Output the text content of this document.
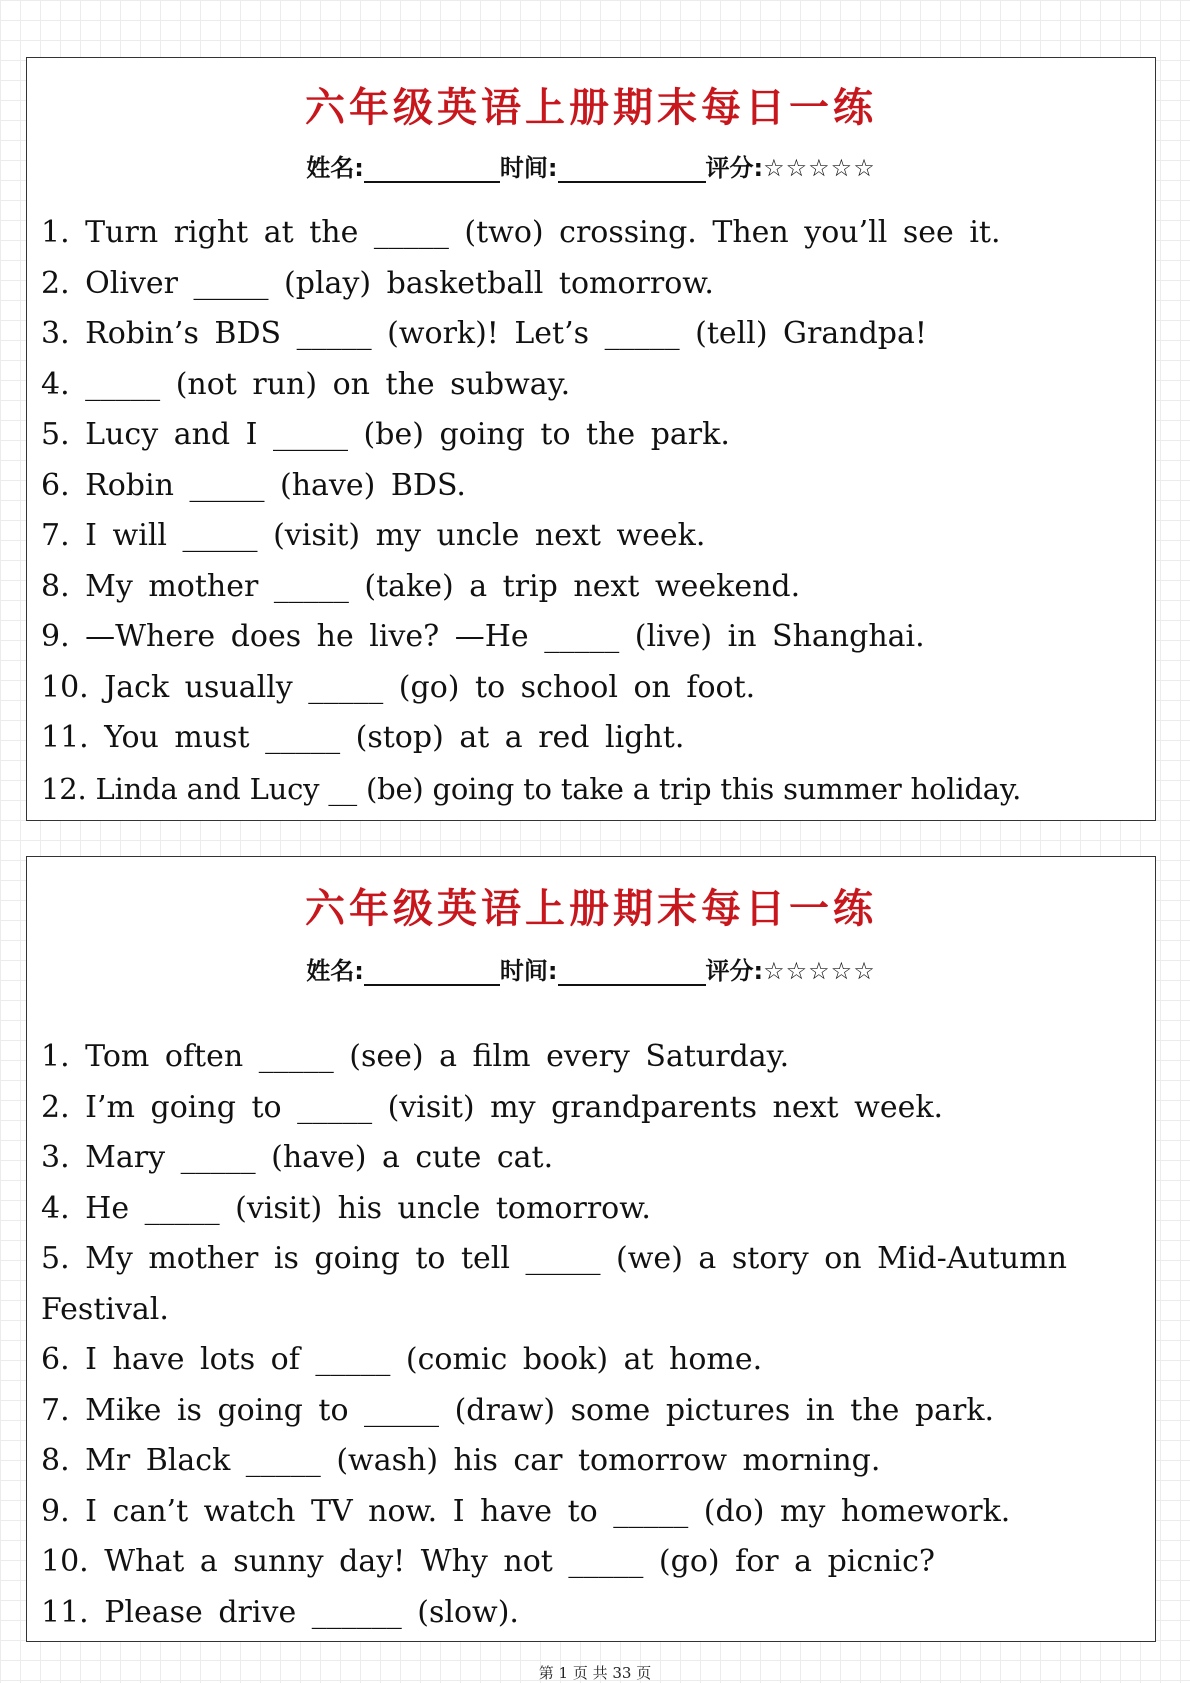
六年级英语上册期末每日一练
姓名:	时间:	评分:☆☆☆☆☆
1. Turn right at the _____ (two) crossing. Then you’ll see it.
2. Oliver _____ (play) basketball tomorrow.
3. Robin’s BDS _____ (work)! Let’s _____ (tell) Grandpa!
4. _____ (not run) on the subway.
5. Lucy and I _____ (be) going to the park.
6. Robin _____ (have) BDS.
7. I will _____ (visit) my uncle next week.
8. My mother _____ (take) a trip next weekend.
9. —Where does he live? —He _____ (live) in Shanghai.
10. Jack usually _____ (go) to school on foot.
11. You must _____ (stop) at a red light.
12. Linda and Lucy __ (be) going to take a trip this summer holiday.
六年级英语上册期末每日一练
姓名:	时间:	评分:☆☆☆☆☆
1. Tom often _____ (see) a film every Saturday.
2. I’m going to _____ (visit) my grandparents next week.
3. Mary _____ (have) a cute cat.
4. He _____ (visit) his uncle tomorrow.
5. My mother is going to tell _____ (we) a story on Mid-Autumn Festival.
6. I have lots of _____ (comic book) at home.
7. Mike is going to _____ (draw) some pictures in the park.
8. Mr Black _____ (wash) his car tomorrow morning.
9. I can’t watch TV now. I have to _____ (do) my homework.
10. What a sunny day! Why not _____ (go) for a picnic?
11. Please drive ______ (slow).
第 1 页 共 33 页
